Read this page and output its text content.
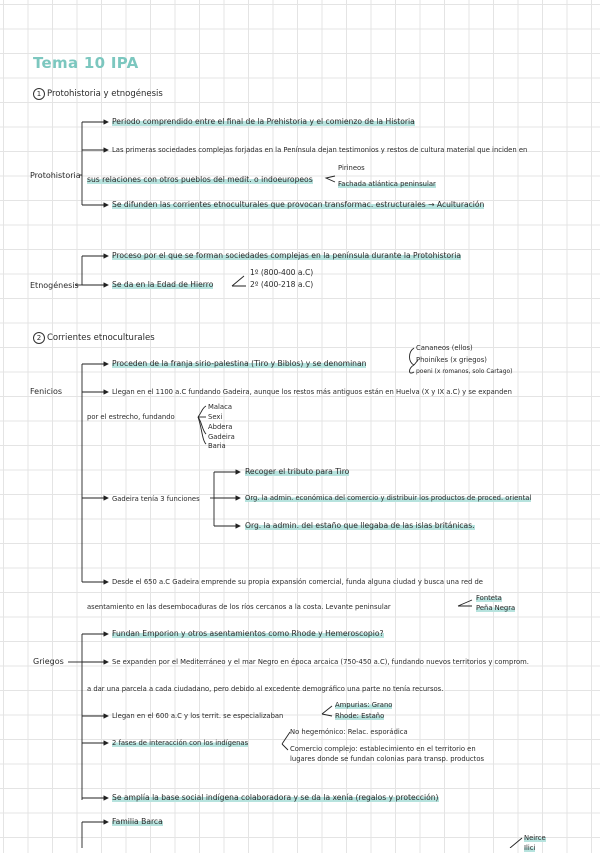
Tema 10 IPA
1 Protohistoria y etnogénesis
Protohistoria
Periodo comprendido entre el final de la Prehistoria y el comienzo de la Historia
Las primeras sociedades complejas forjadas en la Península dejan testimonios y restos de cultura material que inciden en
sus relaciones con otros pueblos del medit. o indoeuropeos
Pirineos
Fachada atlántica peninsular
Se difunden las corrientes etnoculturales que provocan transformac. estructurales → Aculturación
Etnogénesis
Proceso por el que se forman sociedades complejas en la península durante la Protohistoria
Se da en la Edad de Hierro
1º (800-400 a.C)
2º (400-218 a.C)
2 Corrientes etnoculturales
Fenicios
Proceden de la franja sirio-palestina (Tiro y Biblos) y se denominan
Cananeos (ellos)
Phoiníkes (x griegos)
poeni (x romanos, solo Cartago)
Llegan en el 1100 a.C fundando Gadeira, aunque los restos más antiguos están en Huelva (X y IX a.C) y se expanden
por el estrecho, fundando
Malaca
Sexi
Abdera
Gadeira
Baria
Gadeira tenía 3 funciones
Recoger el tributo para Tiro
Org. la admin. económica del comercio y distribuir los productos de proced. oriental
Org. la admin. del estaño que llegaba de las islas británicas.
Desde el 650 a.C Gadeira emprende su propia expansión comercial, funda alguna ciudad y busca una red de
asentamiento en las desembocaduras de los ríos cercanos a la costa. Levante peninsular
Fonteta
Peña Negra
Griegos
Fundan Emporion y otros asentamientos como Rhode y Hemeroscopio?
Se expanden por el Mediterráneo y el mar Negro en época arcaica (750-450 a.C), fundando nuevos territorios y comprom.
a dar una parcela a cada ciudadano, pero debido al excedente demográfico una parte no tenía recursos.
Llegan en el 600 a.C y los territ. se especializaban
Ampurias: Grano
Rhode: Estaño
2 fases de interacción con los indígenas
No hegemónico: Relac. esporádica
Comercio complejo: establecimiento en el territorio en
lugares donde se fundan colonias para transp. productos
Se amplía la base social indígena colaboradora y se da la xenía (regalos y protección)
Familia Barca
Neirce
Ilici
